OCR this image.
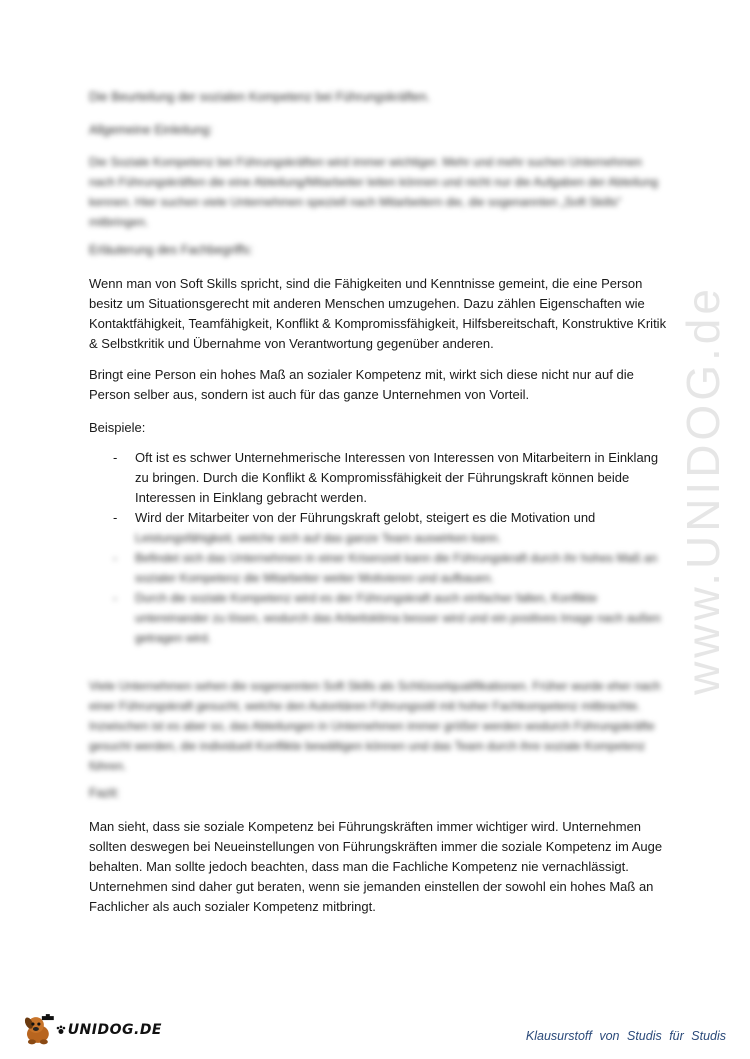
www.UNIDOG.de
Die Beurteilung der sozialen Kompetenz bei Führungskräften.
Allgemeine Einleitung:

Die Soziale Kompetenz bei Führungskräften wird immer wichtiger. Mehr und mehr suchen Unternehmen nach Führungskräften die eine Abteilung/Mitarbeiter leiten können und nicht nur die Aufgaben der Abteilung kennen. Hier suchen viele Unternehmen speziell nach Mitarbeitern die, die sogenannten „Soft Skills“ mitbringen.

Erläuterung des Fachbegriffs:

Wenn man von Soft Skills spricht, sind die Fähigkeiten und Kenntnisse gemeint, die eine Person besitz um Situationsgerecht mit anderen Menschen umzugehen. Dazu zählen Eigenschaften wie Kontaktfähigkeit, Teamfähigkeit, Konflikt & Kompromissfähigkeit, Hilfsbereitschaft, Konstruktive Kritik & Selbstkritik und Übernahme von Verantwortung gegenüber anderen.

Bringt eine Person ein hohes Maß an sozialer Kompetenz mit, wirkt sich diese nicht nur auf die Person selber aus, sondern ist auch für das ganze Unternehmen von Vorteil.

Beispiele:
- Oft ist es schwer Unternehmerische Interessen von Interessen von Mitarbeitern in Einklang zu bringen. Durch die Konflikt & Kompromissfähigkeit der Führungskraft können beide Interessen in Einklang gebracht werden.
- Wird der Mitarbeiter von der Führungskraft gelobt, steigert es die Motivation und
Leistungsfähigkeit, welche sich auf das ganze Team auswirken kann.
- Befindet sich das Unternehmen in einer Krisenzeit kann die Führungskraft durch ihr hohes Maß an sozialer Kompetenz die Mitarbeiter weiter Motivieren und aufbauen.
- Durch die soziale Kompetenz wird es der Führungskraft auch einfacher fallen, Konflikte untereinander zu lösen, wodurch das Arbeitsklima besser wird und ein positives Image nach außen getragen wird.

Viele Unternehmen sehen die sogenannten Soft Skills als Schlüsselqualifikationen. Früher wurde eher nach einer Führungskraft gesucht, welche den Autoritären Führungsstil mit hoher Fachkompetenz mitbrachte. Inzwischen ist es aber so, das Abteilungen in Unternehmen immer größer werden wodurch Führungskräfte gesucht werden, die individuell Konflikte bewältigen können und das Team durch ihre soziale Kompetenz führen.

Fazit:

Man sieht, dass sie soziale Kompetenz bei Führungskräften immer wichtiger wird. Unternehmen sollten deswegen bei Neueinstellungen von Führungskräften immer die soziale Kompetenz im Auge behalten. Man sollte jedoch beachten, dass man die Fachliche Kompetenz nie vernachlässigt. Unternehmen sind daher gut beraten, wenn sie jemanden einstellen der sowohl ein hohes Maß an Fachlicher als auch sozialer Kompetenz mitbringt.

UNIDOG.DE	Klausurstoff von Studis für Studis
